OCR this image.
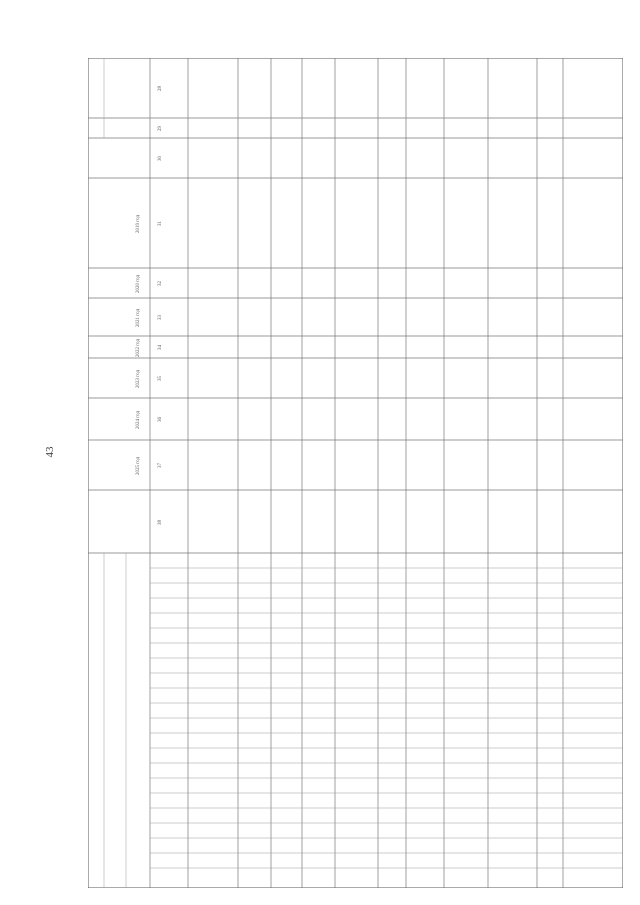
43
2019 год
2020 год
2021 год
2022 год
2023 год
2024 год
2025 год
28
29
30
31
32
33
34
35
36
37
38
